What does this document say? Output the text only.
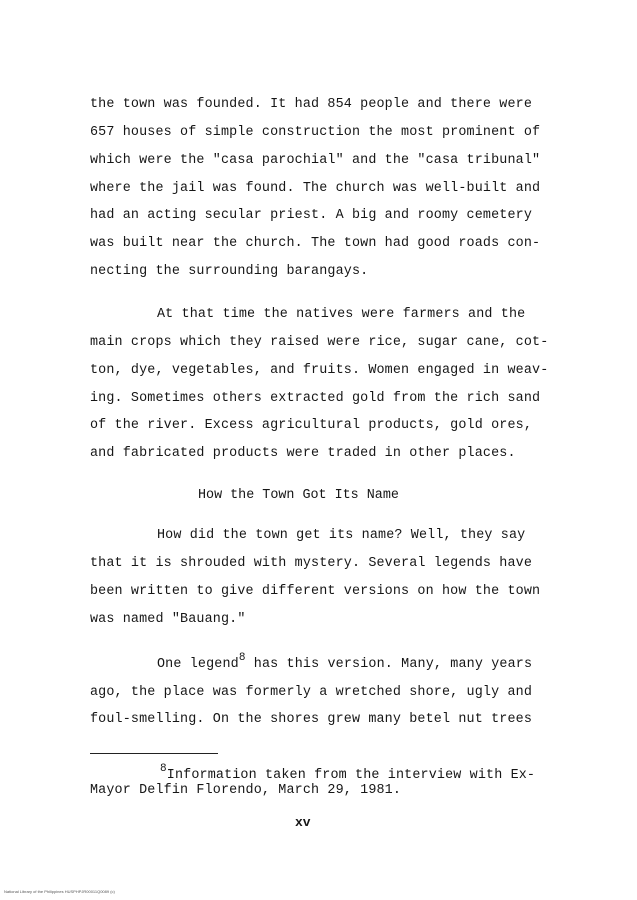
the town was founded. It had 854 people and there were
657 houses of simple construction the most prominent of
which were the "casa parochial" and the "casa tribunal"
where the jail was found. The church was well-built and
had an acting secular priest. A big and roomy cemetery
was built near the church. The town had good roads con-
necting the surrounding barangays.
At that time the natives were farmers and the
main crops which they raised were rice, sugar cane, cot-
ton, dye, vegetables, and fruits. Women engaged in weav-
ing. Sometimes others extracted gold from the rich sand
of the river. Excess agricultural products, gold ores,
and fabricated products were traded in other places.
How the Town Got Its Name
How did the town get its name? Well, they say
that it is shrouded with mystery. Several legends have
been written to give different versions on how the town
was named "Bauang."
One legend$^8$ has this version. Many, many years
ago, the place was formerly a wretched shore, ugly and
foul-smelling. On the shores grew many betel nut trees
$^8$Information taken from the interview with Ex-
Mayor Delfin Florendo, March 29, 1981.
xv
National Library of the Philippines HUSPHPJR00011Q0089 (c)
